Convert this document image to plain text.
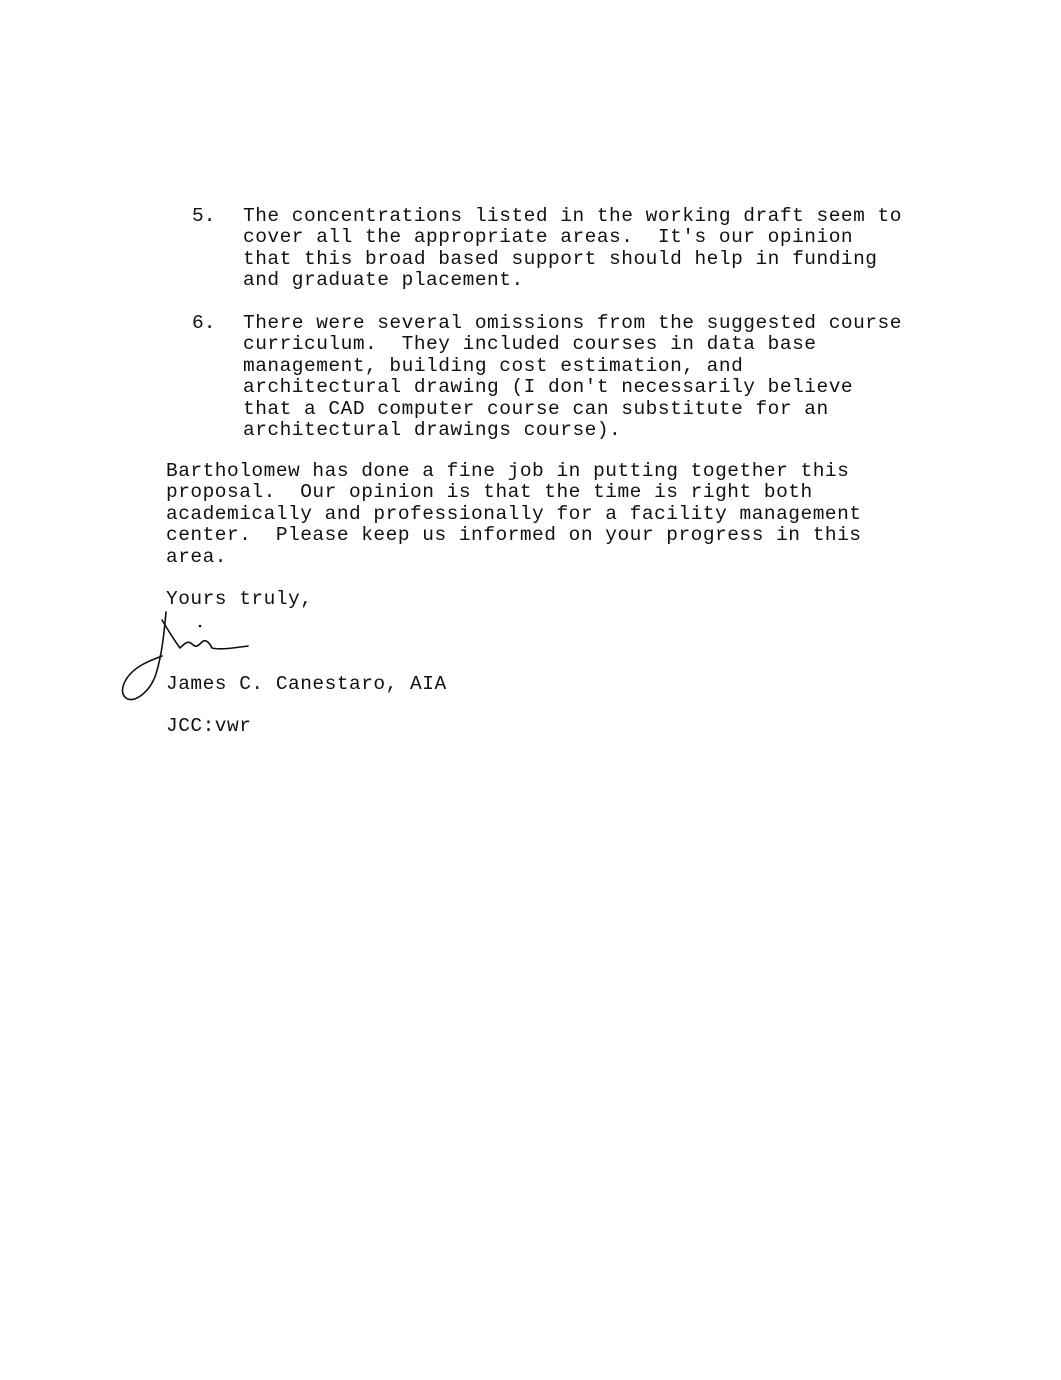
5. The concentrations listed in the working draft seem to
cover all the appropriate areas.  It's our opinion
that this broad based support should help in funding
and graduate placement.
6. There were several omissions from the suggested course
curriculum.  They included courses in data base
management, building cost estimation, and
architectural drawing (I don't necessarily believe
that a CAD computer course can substitute for an
architectural drawings course).
Bartholomew has done a fine job in putting together this
proposal.  Our opinion is that the time is right both
academically and professionally for a facility management
center.  Please keep us informed on your progress in this
area.
Yours truly,
James C. Canestaro, AIA
JCC:vwr
